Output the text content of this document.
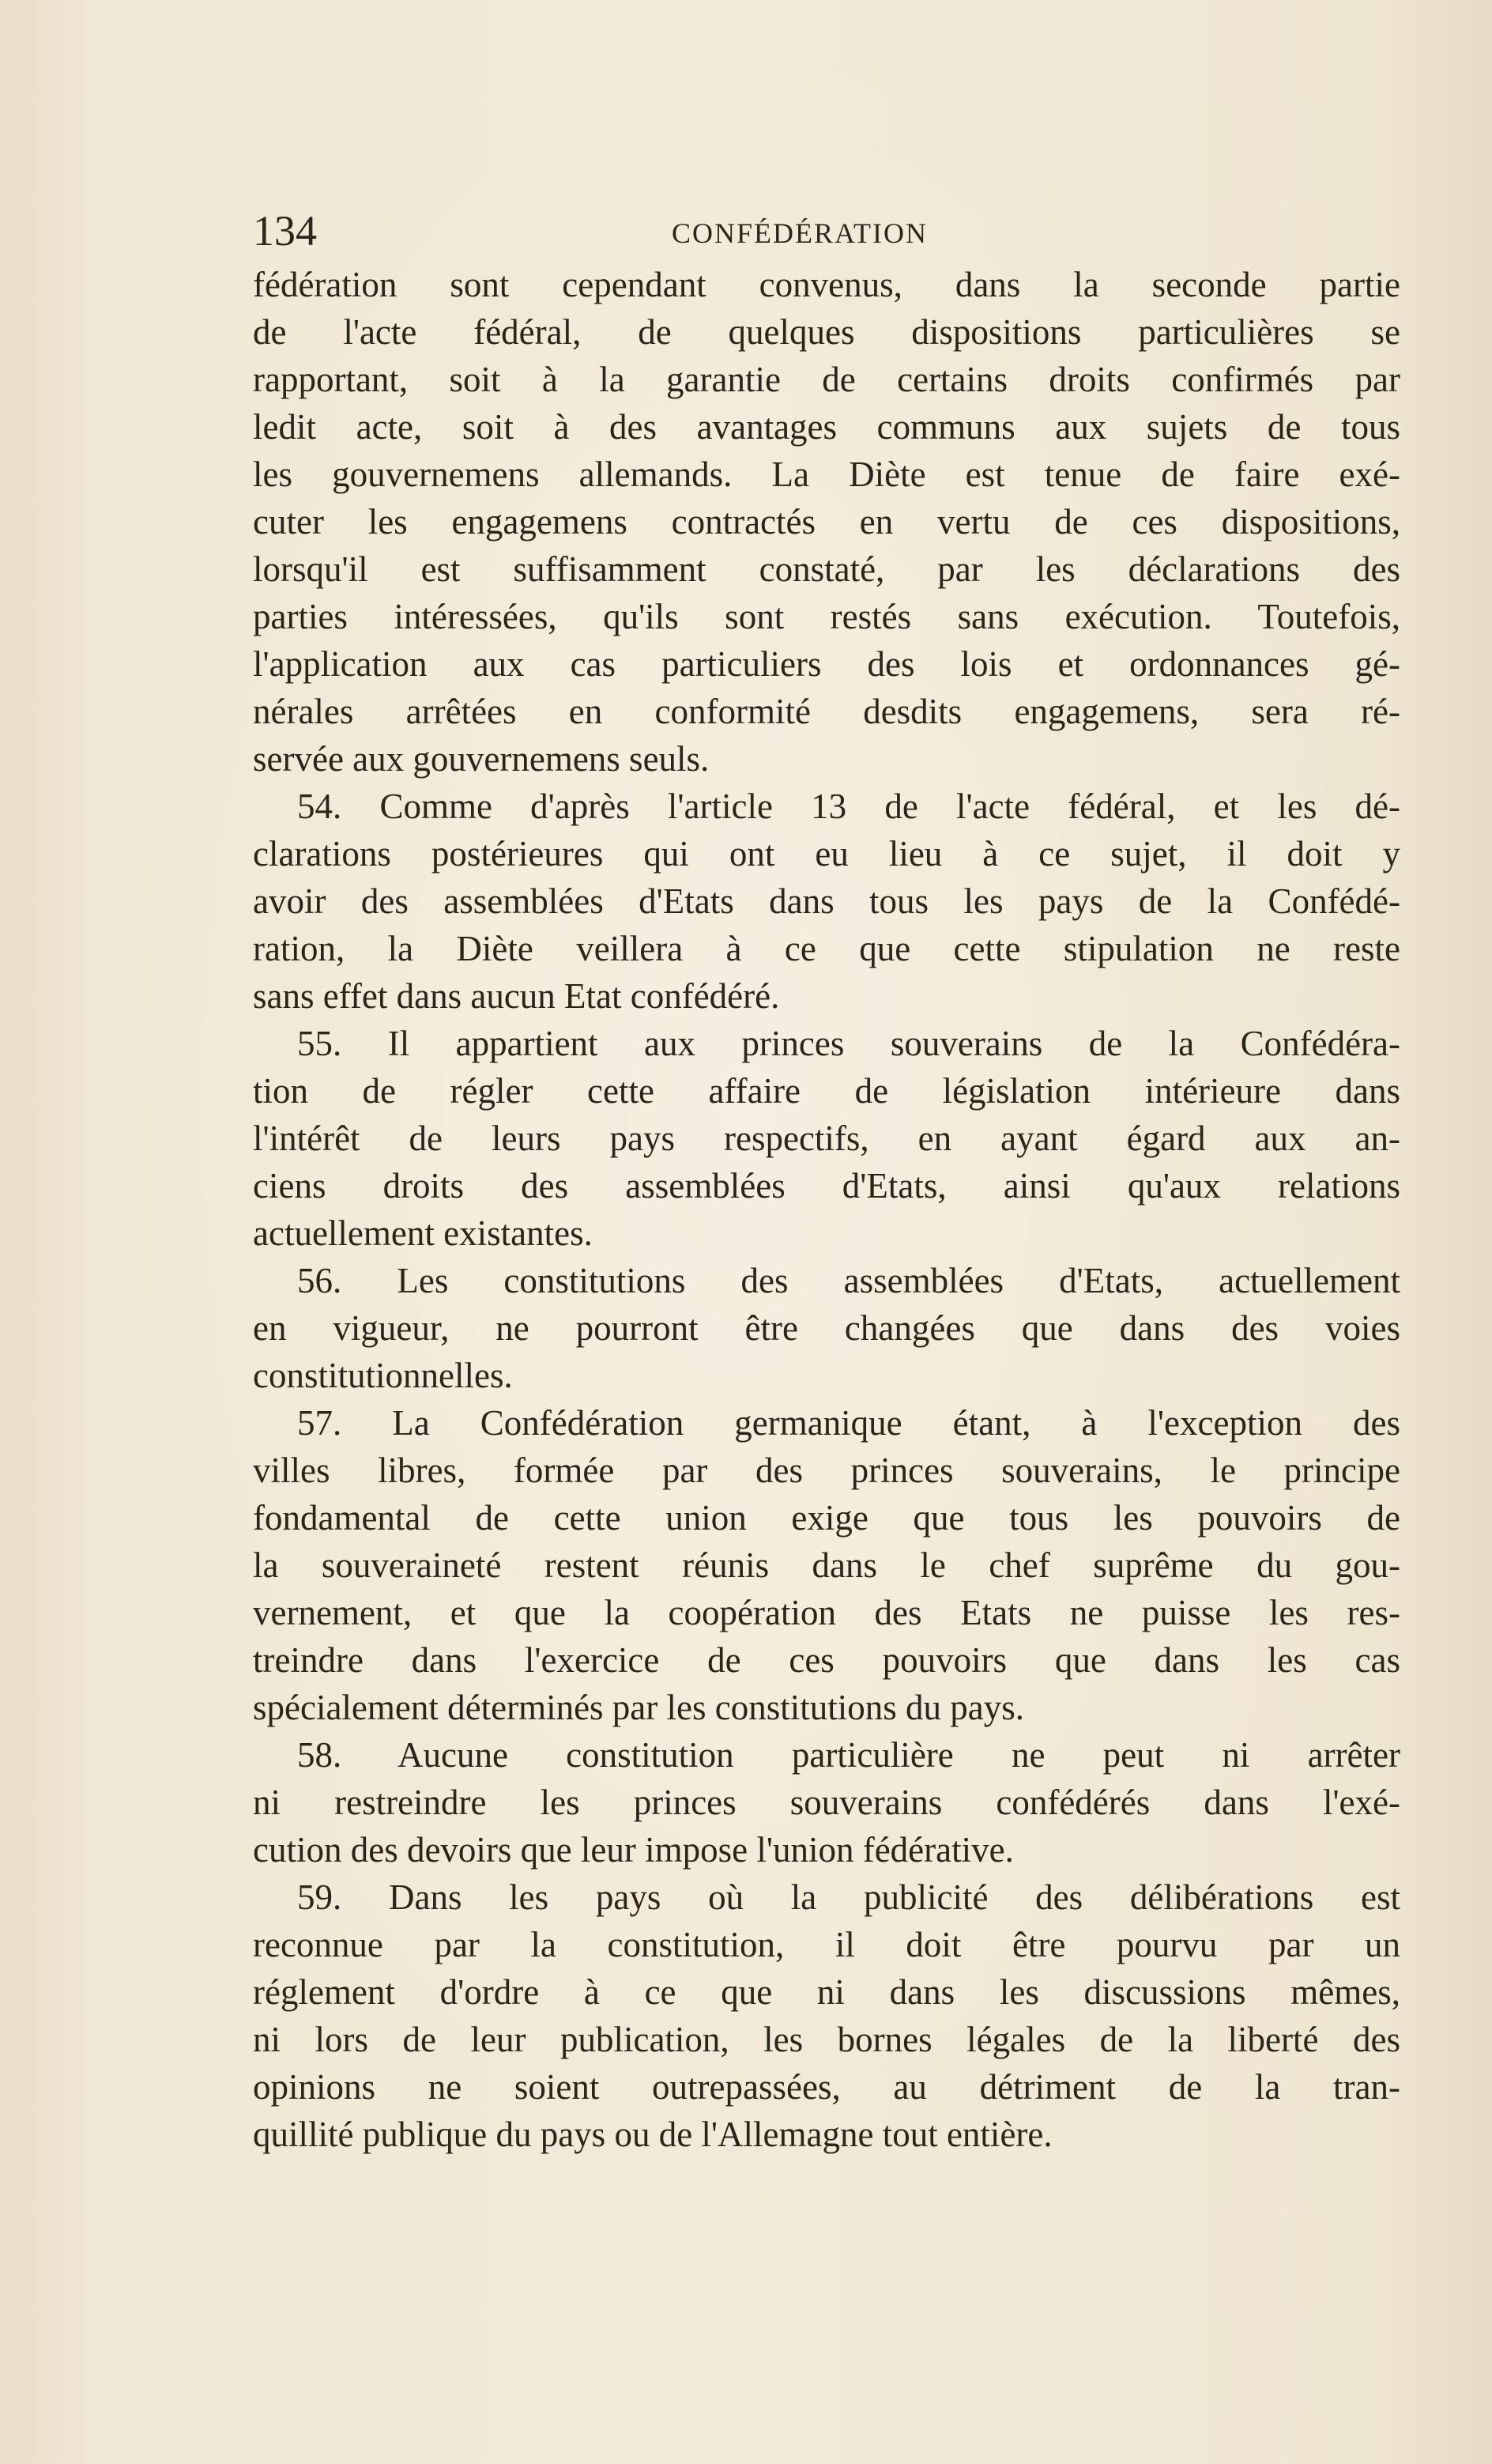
134	CONFÉDÉRATION
fédération sont cependant convenus, dans la seconde partie
de l'acte fédéral, de quelques dispositions particulières se
rapportant, soit à la garantie de certains droits confirmés par
ledit acte, soit à des avantages communs aux sujets de tous
les gouvernemens allemands. La Diète est tenue de faire exé-
cuter les engagemens contractés en vertu de ces dispositions,
lorsqu'il est suffisamment constaté, par les déclarations des
parties intéressées, qu'ils sont restés sans exécution. Toutefois,
l'application aux cas particuliers des lois et ordonnances gé-
nérales arrêtées en conformité desdits engagemens, sera ré-
servée aux gouvernemens seuls.
54. Comme d'après l'article 13 de l'acte fédéral, et les dé-
clarations postérieures qui ont eu lieu à ce sujet, il doit y
avoir des assemblées d'Etats dans tous les pays de la Confédé-
ration, la Diète veillera à ce que cette stipulation ne reste
sans effet dans aucun Etat confédéré.
55. Il appartient aux princes souverains de la Confédéra-
tion de régler cette affaire de législation intérieure dans
l'intérêt de leurs pays respectifs, en ayant égard aux an-
ciens droits des assemblées d'Etats, ainsi qu'aux relations
actuellement existantes.
56. Les constitutions des assemblées d'Etats, actuellement
en vigueur, ne pourront être changées que dans des voies
constitutionnelles.
57. La Confédération germanique étant, à l'exception des
villes libres, formée par des princes souverains, le principe
fondamental de cette union exige que tous les pouvoirs de
la souveraineté restent réunis dans le chef suprême du gou-
vernement, et que la coopération des Etats ne puisse les res-
treindre dans l'exercice de ces pouvoirs que dans les cas
spécialement déterminés par les constitutions du pays.
58. Aucune constitution particulière ne peut ni arrêter
ni restreindre les princes souverains confédérés dans l'exé-
cution des devoirs que leur impose l'union fédérative.
59. Dans les pays où la publicité des délibérations est
reconnue par la constitution, il doit être pourvu par un
réglement d'ordre à ce que ni dans les discussions mêmes,
ni lors de leur publication, les bornes légales de la liberté des
opinions ne soient outrepassées, au détriment de la tran-
quillité publique du pays ou de l'Allemagne tout entière.
